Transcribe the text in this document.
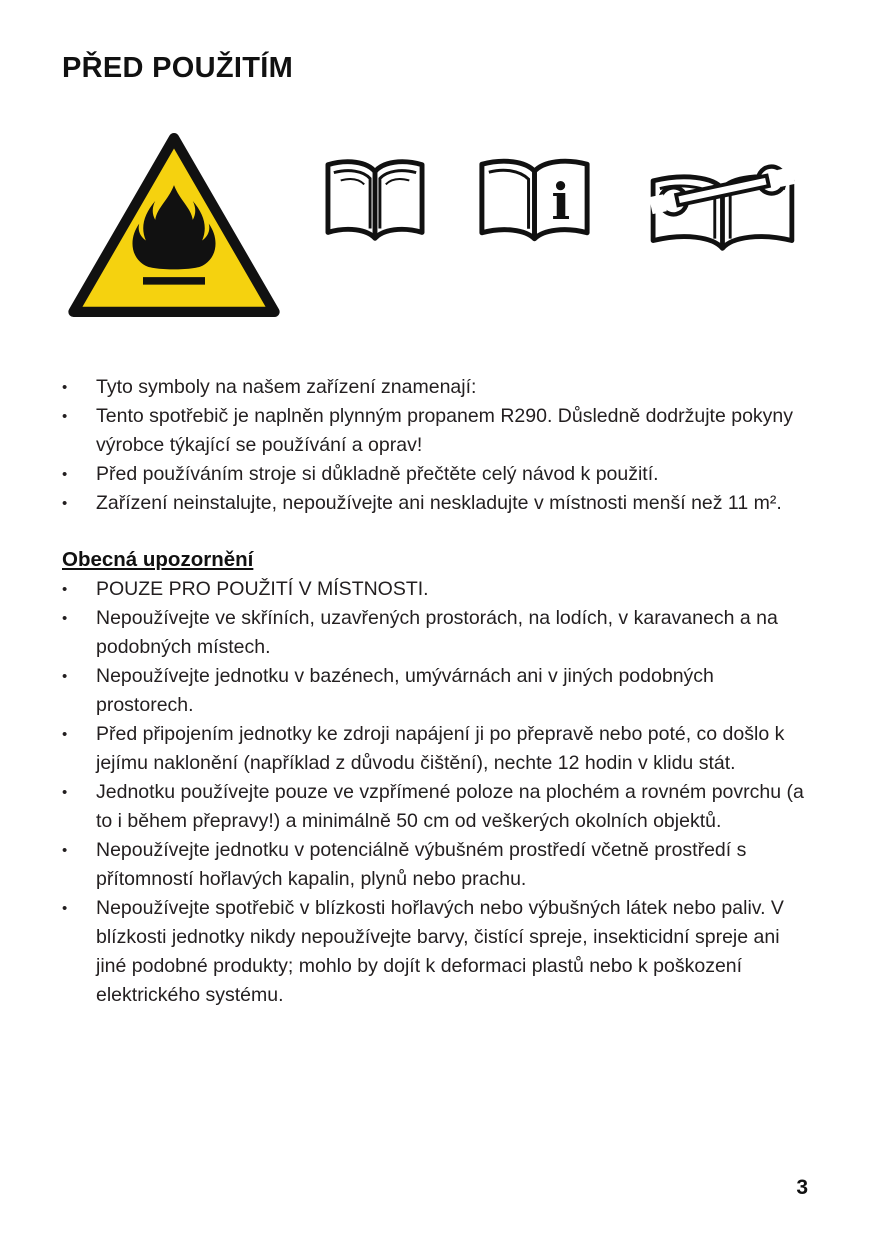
PŘED POUŽITÍM
i
•	Tyto symboly na našem zařízení znamenají:
•	Tento spotřebič je naplněn plynným propanem R290. Důsledně dodržujte pokyny výrobce týkající se používání a oprav!
•	Před používáním stroje si důkladně přečtěte celý návod k použití.
•	Zařízení neinstalujte, nepoužívejte ani neskladujte v místnosti menší než 11 m².
Obecná upozornění
•	POUZE PRO POUŽITÍ V MÍSTNOSTI.
•	Nepoužívejte ve skříních, uzavřených prostorách, na lodích, v karavanech a na podobných místech.
•	Nepoužívejte jednotku v bazénech, umývárnách ani v jiných podobných prostorech.
•	Před připojením jednotky ke zdroji napájení ji po přepravě nebo poté, co došlo k jejímu naklonění (například z důvodu čištění), nechte 12 hodin v klidu stát.
•	Jednotku používejte pouze ve vzpřímené poloze na plochém a rovném povrchu (a to i během přepravy!) a minimálně 50 cm od veškerých okolních objektů.
•	Nepoužívejte jednotku v potenciálně výbušném prostředí včetně prostředí s přítomností hořlavých kapalin, plynů nebo prachu.
•	Nepoužívejte spotřebič v blízkosti hořlavých nebo výbušných látek nebo paliv. V blízkosti jednotky nikdy nepoužívejte barvy, čistící spreje, insekticidní spreje ani jiné podobné produkty; mohlo by dojít k deformaci plastů nebo k poškození elektrického systému.
3
